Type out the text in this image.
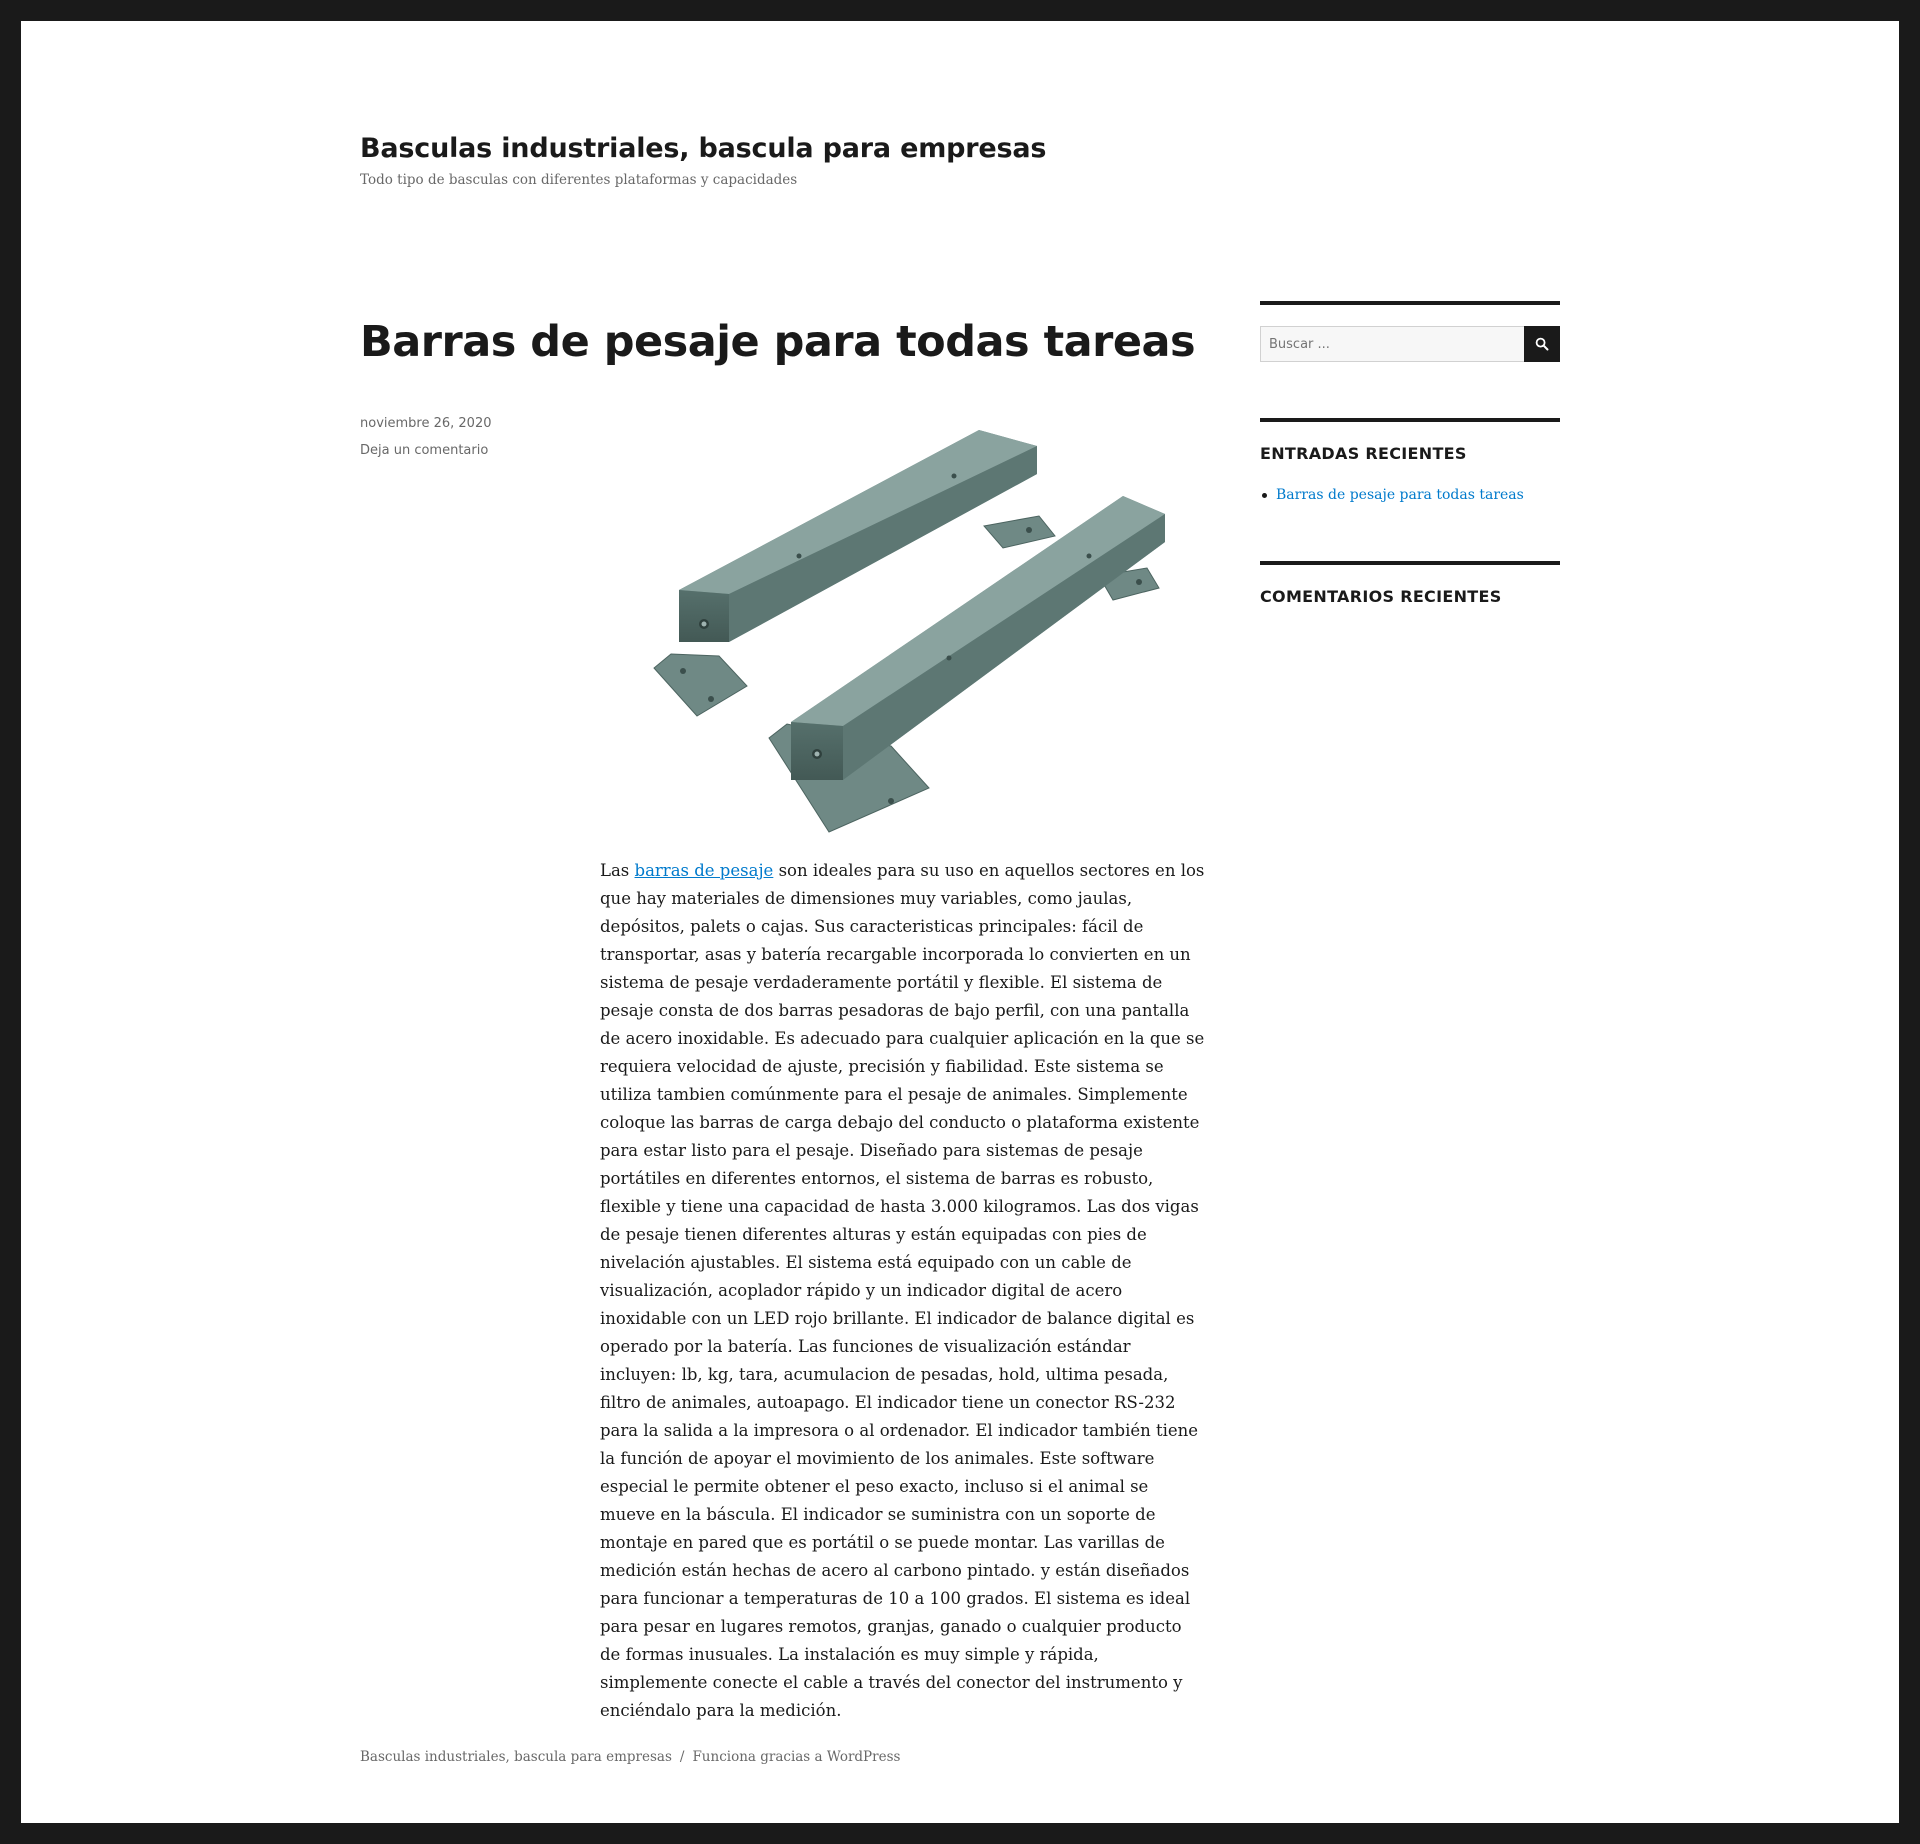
Basculas industriales, bascula para empresas

Todo tipo de basculas con diferentes plataformas y capacidades

Barras de pesaje para todas tareas
noviembre 26, 2020
Deja un comentario

Las barras de pesaje son ideales para su uso en aquellos sectores en los que hay materiales de dimensiones muy variables, como jaulas, depósitos, palets o cajas. Sus caracteristicas principales: fácil de transportar, asas y batería recargable incorporada lo convierten en un sistema de pesaje verdaderamente portátil y flexible. El sistema de pesaje consta de dos barras pesadoras de bajo perfil, con una pantalla de acero inoxidable. Es adecuado para cualquier aplicación en la que se requiera velocidad de ajuste, precisión y fiabilidad. Este sistema se utiliza tambien comúnmente para el pesaje de animales. Simplemente coloque las barras de carga debajo del conducto o plataforma existente para estar listo para el pesaje. Diseñado para sistemas de pesaje portátiles en diferentes entornos, el sistema de barras es robusto, flexible y tiene una capacidad de hasta 3.000 kilogramos. Las dos vigas de pesaje tienen diferentes alturas y están equipadas con pies de nivelación ajustables. El sistema está equipado con un cable de visualización, acoplador rápido y un indicador digital de acero inoxidable con un LED rojo brillante. El indicador de balance digital es operado por la batería. Las funciones de visualización estándar incluyen: lb, kg, tara, acumulacion de pesadas, hold, ultima pesada, filtro de animales, autoapago. El indicador tiene un conector RS-232 para la salida a la impresora o al ordenador. El indicador también tiene la función de apoyar el movimiento de los animales. Este software especial le permite obtener el peso exacto, incluso si el animal se mueve en la báscula. El indicador se suministra con un soporte de montaje en pared que es portátil o se puede montar. Las varillas de medición están hechas de acero al carbono pintado. y están diseñados para funcionar a temperaturas de 10 a 100 grados. El sistema es ideal para pesar en lugares remotos, granjas, ganado o cualquier producto de formas inusuales. La instalación es muy simple y rápida, simplemente conecte el cable a través del conector del instrumento y enciéndalo para la medición.

Buscar ...
ENTRADAS RECIENTES
Barras de pesaje para todas tareas
COMENTARIOS RECIENTES
Basculas industriales, bascula para empresas / Funciona gracias a WordPress
